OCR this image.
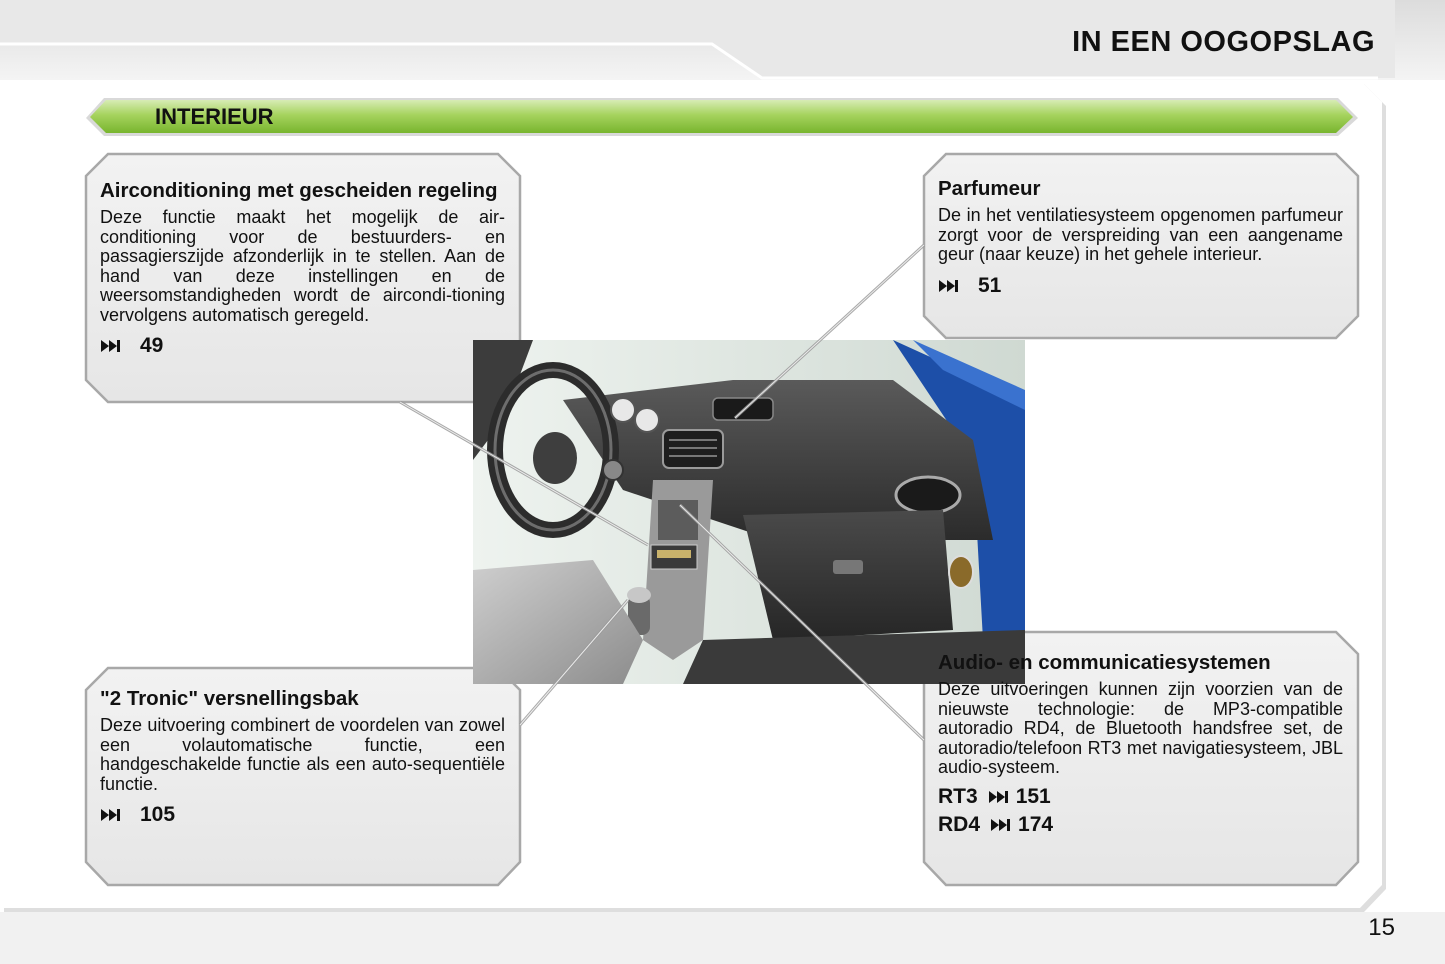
IN EEN OOGOPSLAG
INTERIEUR
Airconditioning met gescheiden regeling

Deze functie maakt het mogelijk de air-conditioning voor de bestuurders- en passagierszijde afzonderlijk in te stellen. Aan de hand van deze instellingen en de weersomstandigheden wordt de aircondi-tioning vervolgens automatisch geregeld.

49
Parfumeur

De in het ventilatiesysteem opgenomen parfumeur zorgt voor de verspreiding van een aangename geur (naar keuze) in het gehele interieur.

51
"2 Tronic" versnellingsbak

Deze uitvoering combinert de voordelen van zowel een volautomatische functie, een handgeschakelde functie als een auto-sequentiële functie.

105
Audio- en communicatiesystemen

Deze uitvoeringen kunnen zijn voorzien van de nieuwste technologie: de MP3-compatible autoradio RD4, de Bluetooth handsfree set, de autoradio/telefoon RT3 met navigatiesysteem, JBL audio-systeem.

RT3 151
RD4 174
15
